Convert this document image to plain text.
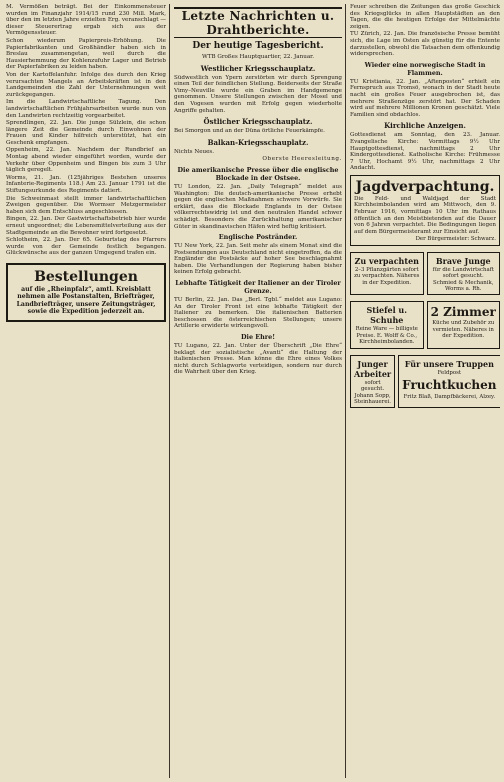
M. Vermößen beträgt. Bei der Einkommensteuer wurden im Finanzjahr 1914/15 rund 230 Mill. Mark, über den im letzten Jahre erzielten Erg. veranschlagt — dieser Steuerertrag ergab sich aus der Vermögenssteuer.

Schon wiederum Papierpreis-Erhöhung. Die Papierfabrikanten und Großhändler haben sich in Breslau zusammengetan, weil durch die Hausierhemmung der Kohlenzufuhr Lager und Betrieb der Papierfabriken zu leiden haben.

Von der Kartoffelanfuhr. Infolge des durch den Krieg verursachten Mangels an Arbeitskräften ist in den Landgemeinden die Zahl der Unternehmungen weit zurückgegangen.

Im die Landwirtschaftliche Tagung. Den landwirtschaftlichen Frühjahrsarbeiten wurde nun von den Landwirten rechtzeitig vorgearbeitet.

Sprendlingen, 22. Jan. Die junge Sülzlein, die schon längere Zeit die Gemeinde durch Einwohnen der Frauen und Kinder hilfreich unterstützt, hat ein Geschenk empfangen.

Oppenheim, 22. Jan. Nachdem der Rundbrief an Montag abend wieder eingeführt worden, wurde der Verkehr über Oppenheim und Bingen bis zum 3 Uhr täglich geregelt.

Worms, 21. Jan. (125jähriges Bestehen unseres Infanterie-Regiments 118.) Am 23. Januar 1791 ist die Stiftungsurkunde des Regiments datiert.

Die Schweinmast stellt immer landwirtschaftlichen Zweigen gegenüber. Die Wormser Metzgermeister haben sich dem Entschluss angeschlossen.

Bingen, 22. Jan. Der Gastwirtschaftsbetrieb hier wurde erneut ungeordnet; die Lebensmittelverteilung aus der Stadtgemeinde an die Bewohner wird fortgesetzt.

Schlotheim, 22. Jan. Der 65. Geburtstag des Pfarrers wurde von der Gemeinde festlich begangen. Glückwünsche aus der ganzen Umgegend trafen ein.

Bestellungen

auf die „Rheinpfalz“, amtl. Kreisblatt nehmen alle Postanstalten, Briefträger, Landbriefträger, unsere Zeitungsträger, sowie die Expedition jederzeit an.

Letzte Nachrichten u. Drahtberichte.
Der heutige Tagesbericht.

WTB Großes Hauptquartier, 22. Januar.

Westlicher Kriegsschauplatz.

Südwestlich von Ypern zerstörten wir durch Sprengung einen Teil der feindlichen Stellung. Beiderseits der Straße Vimy–Neuville wurde ein Graben im Handgemenge genommen. Unsere Stellungen zwischen der Mosel und den Vogesen wurden mit Erfolg gegen wiederholte Angriffe gehalten.

Östlicher Kriegsschauplatz.

Bei Smorgon und an der Düna örtliche Feuerkämpfe.

Balkan-Kriegsschauplatz.

Nichts Neues.

Oberste Heeresleitung.

Die amerikanische Presse über die englische Blockade in der Ostsee.

TU London, 22. Jan. „Daily Telegraph“ meldet aus Washington: Die deutsch-amerikanische Presse erhebt gegen die englischen Maßnahmen schwere Vorwürfe. Sie erklärt, dass die Blockade Englands in der Ostsee völkerrechtswidrig ist und den neutralen Handel schwer schädigt. Besonders die Zurückhaltung amerikanischer Güter in skandinavischen Häfen wird heftig kritisiert.

Englische Postränder.

TU New York, 22. Jan. Seit mehr als einem Monat sind die Postsendungen aus Deutschland nicht eingetroffen, da die Engländer die Postsäcke auf hoher See beschlagnahmt haben. Die Verhandlungen der Regierung haben bisher keinen Erfolg gebracht.

Lebhafte Tätigkeit der Italiener an der Tiroler Grenze.

TU Berlin, 22. Jan. Das „Berl. Tgbl.“ meldet aus Lugano: An der Tiroler Front ist eine lebhafte Tätigkeit der Italiener zu bemerken. Die italienischen Batterien beschossen die österreichischen Stellungen; unsere Artillerie erwiderte wirkungsvoll.

Die Ehre!

TU Lugano, 22. Jan. Unter der Überschrift „Die Ehre“ beklagt der sozialistische „Avanti“ die Haltung der italienischen Presse. Man könne die Ehre eines Volkes nicht durch Schlagworte verteidigen, sondern nur durch die Wahrheit über den Krieg.

Feuer schreiben die Zeitungen das große Geschick des Kriegsglücks in allen Hauptstädten an den Tagen, die die heutigen Erfolge der Mittelmächte zeigen.

TU Zürich, 22. Jan. Die französische Presse bemüht sich, die Lage im Osten als günstig für die Entente darzustellen, obwohl die Tatsachen dem offenkundig widersprechen.

Wieder eine norwegische Stadt in Flammen.

TU Kristiania, 22. Jan. „Aftenposten“ erhielt ein Fernspruch aus Tromsö, wonach in der Stadt heute nacht ein großes Feuer ausgebrochen ist, das mehrere Straßenzüge zerstört hat. Der Schaden wird auf mehrere Millionen Kronen geschätzt. Viele Familien sind obdachlos.

Kirchliche Anzeigen.

Gottesdienst am Sonntag, den 23. Januar. Evangelische Kirche: Vormittags 9½ Uhr Hauptgottesdienst, nachmittags 2 Uhr Kindergottesdienst. Katholische Kirche: Frühmesse 7 Uhr, Hochamt 9½ Uhr, nachmittags 2 Uhr Andacht.

Jagdverpachtung.

Die Feld- und Waldjagd der Stadt Kirchheimbolanden wird am Mittwoch, den 9. Februar 1916, vormittags 10 Uhr im Rathaus öffentlich an den Meistbietenden auf die Dauer von 6 Jahren verpachtet. Die Bedingungen liegen auf dem Bürgermeisteramt zur Einsicht auf.

Der Bürgermeister: Schwarz.

Zu verpachten

2–3 Pflanzgärten sofort zu verpachten. Näheres in der Expedition.

Brave Junge

für die Landwirtschaft sofort gesucht. Schmied & Mechanik, Worms a. Rh.

Stiefel u. Schuhe

Reine Ware — billigste Preise. E. Wolff & Co., Kirchheimbolanden.

2 Zimmer

Küche und Zubehör zu vermieten. Näheres in der Expedition.

Junger Arbeiter

sofort gesucht. Johann Sopp, Steinhauerei.

Für unsere Truppen

Feldpost

Fruchtkuchen

Fritz Blaß, Dampfbäckerei, Alzey.
